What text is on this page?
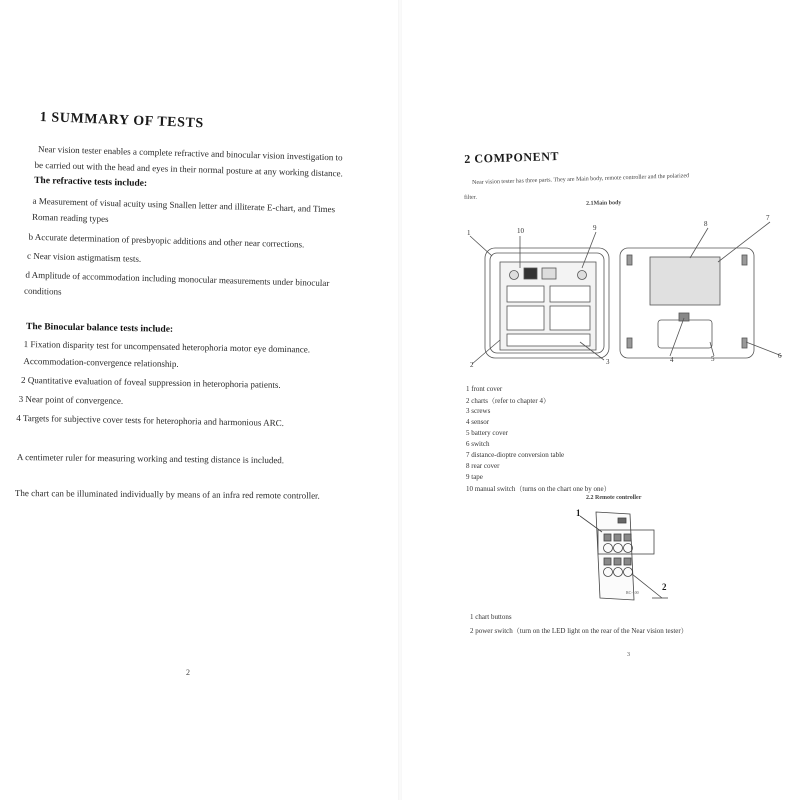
1 SUMMARY OF TESTS
Near vision tester enables a complete refractive and binocular vision investigation to
be carried out with the head and eyes in their normal posture at any working distance.
The refractive tests include:
a Measurement of visual acuity using Snallen letter and illiterate E-chart, and Times
Roman reading types
b Accurate determination of presbyopic additions and other near corrections.
c Near vision astigmatism tests.
d Amplitude of accommodation including monocular measurements under binocular
conditions
The Binocular balance tests include:
1 Fixation disparity test for uncompensated heterophoria motor eye dominance.
Accommodation-convergence relationship.
2 Quantitative evaluation of foveal suppression in heterophoria patients.
3 Near point of convergence.
4 Targets for subjective cover tests for heterophoria and harmonious ARC.
A centimeter ruler for measuring working and testing distance is included.
The chart can be illuminated individually by means of an infra red remote controller.
2
2 COMPONENT
Near vision tester has three parts. They are Main body, remote controller and the polarized
filter.
2.1Main body
1	10	9	8
7
2	3	4	5	6
1 front cover
2 charts（refer to chapter 4）
3 screws
4 sensor
5 battery cover
6 switch
7 distance-dioptre conversion table
8 rear cover
9 tape
10 manual switch（turns on the chart one by one）
2.2 Remote controller
1
2
RC-100
1 chart buttons
2 power switch（turn on the LED light on the rear of the Near vision tester）
3
